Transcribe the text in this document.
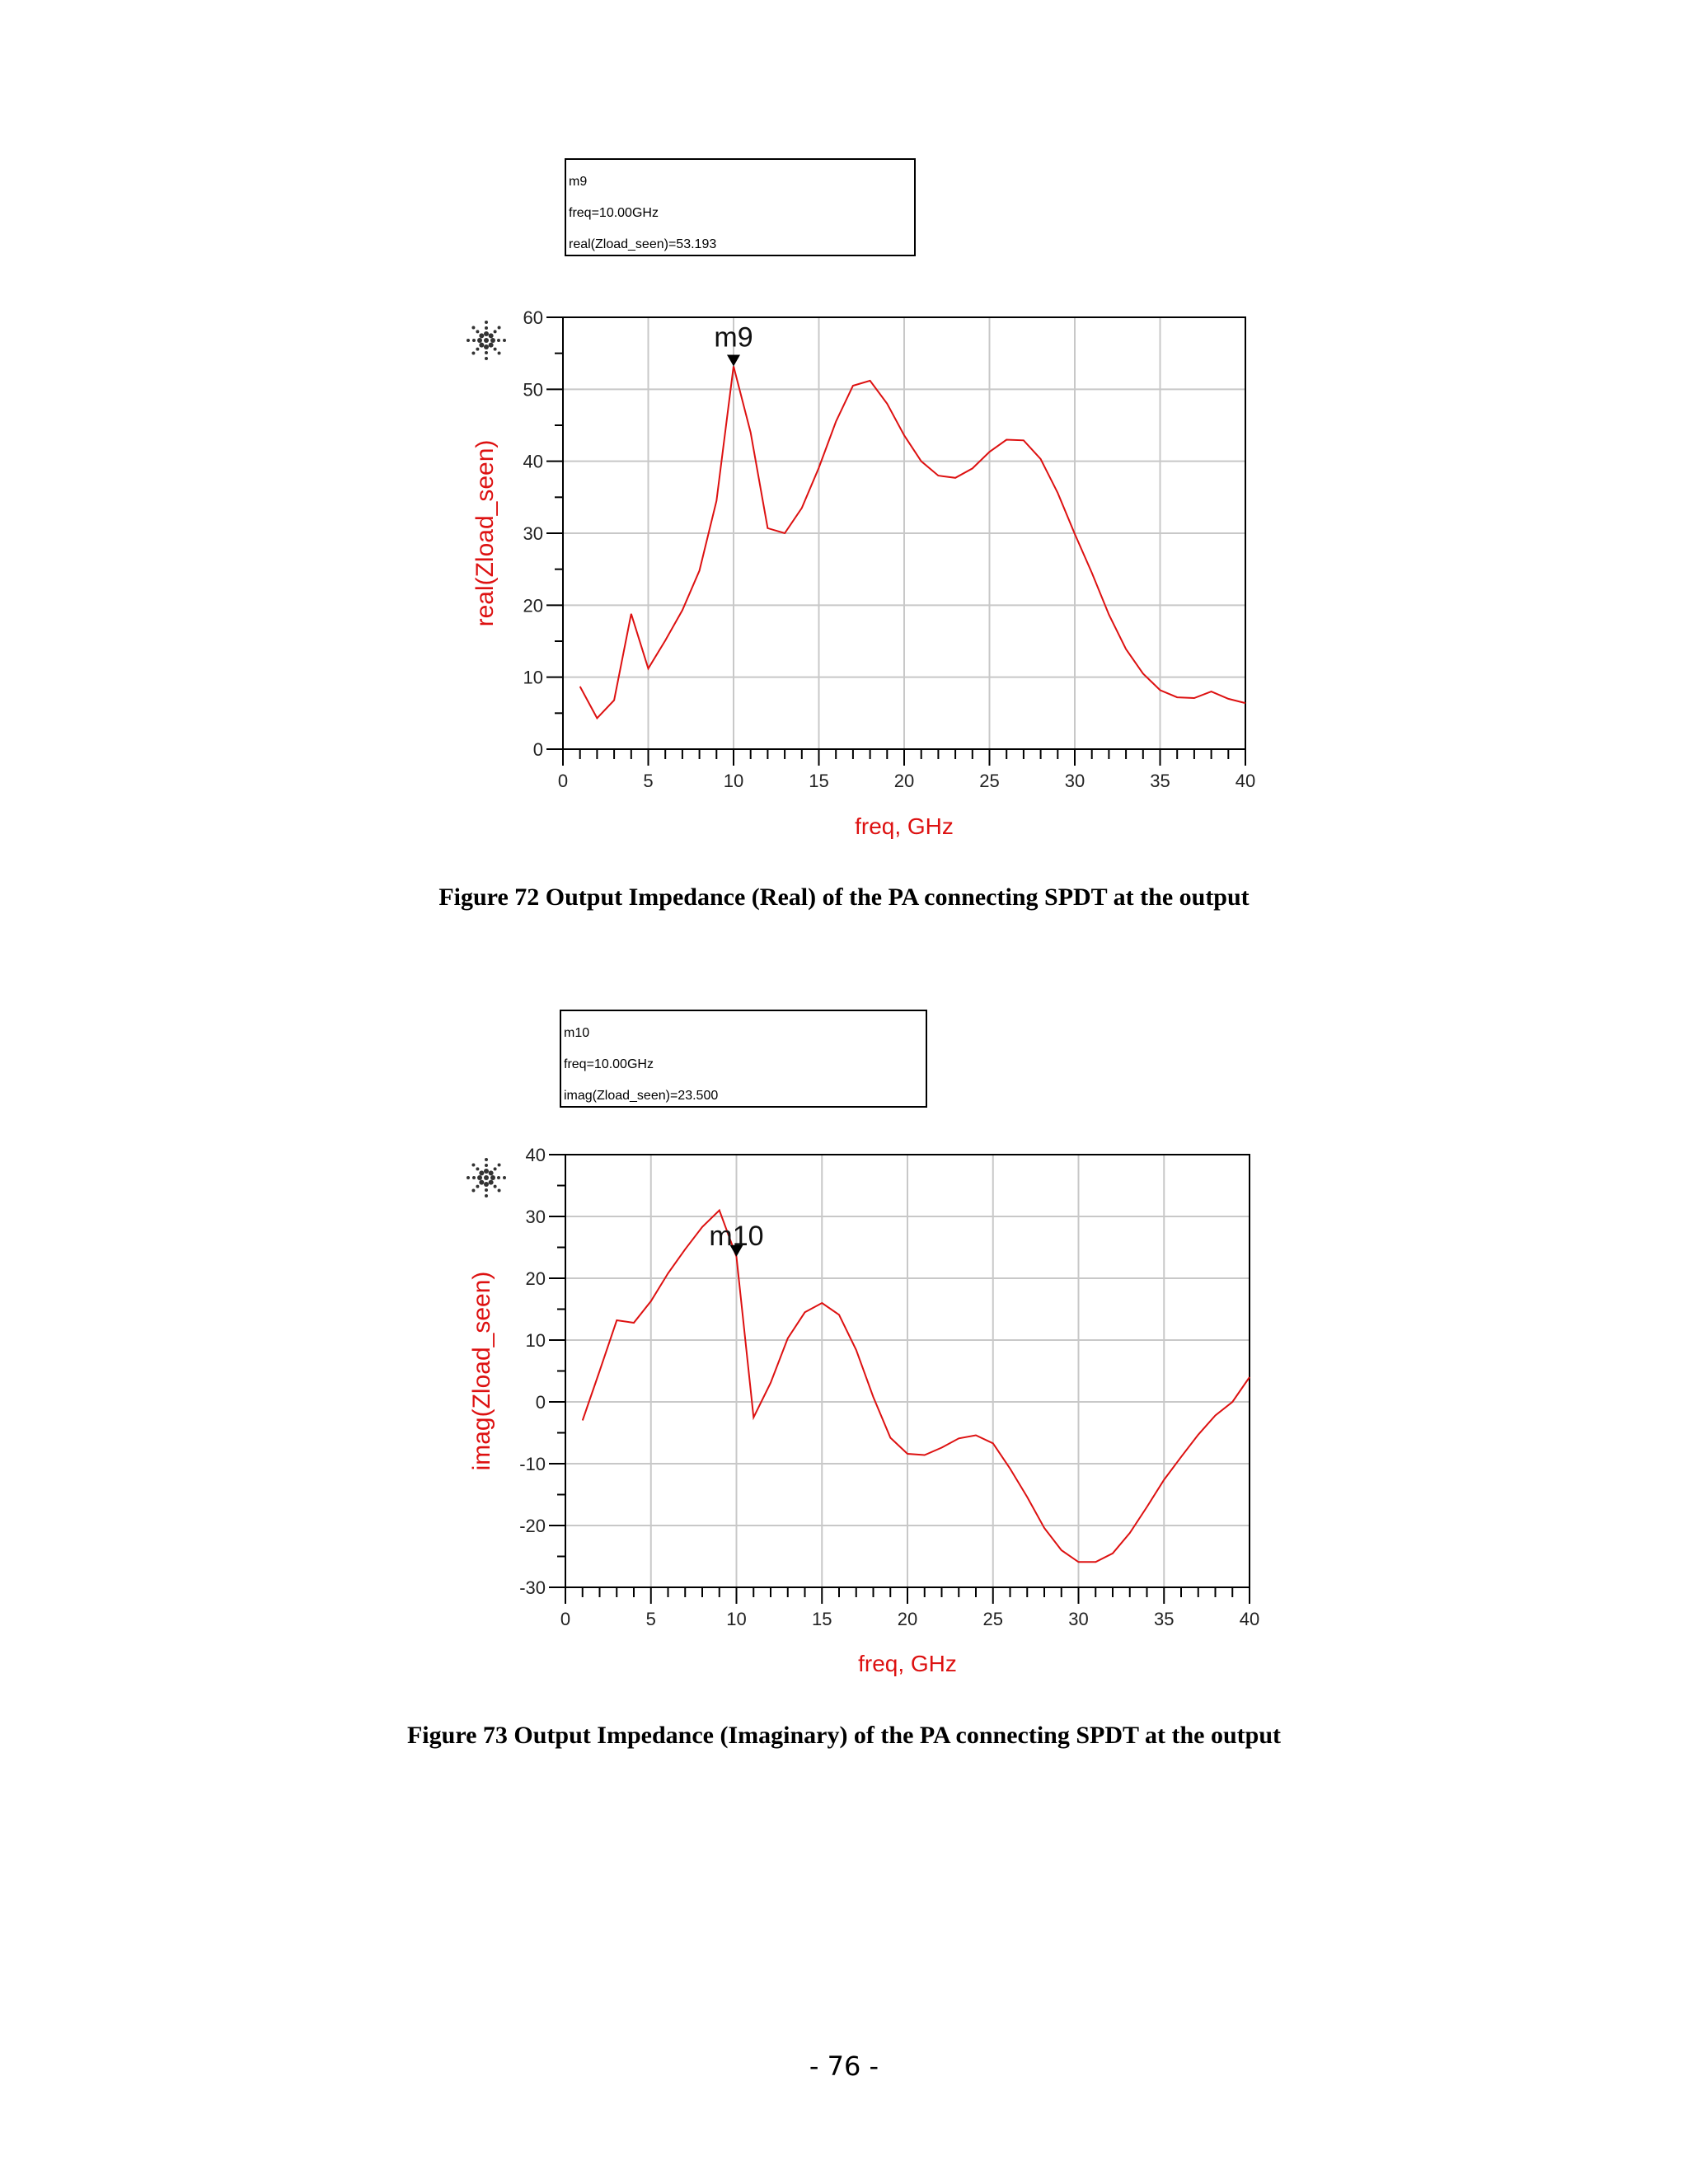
0	5	10	15	20	25	30	35	40
0
10
20
30
40
50
60
freq, GHz
real(Zload_seen)
m9
m9
freq=10.00GHz
real(Zload_seen)=53.193
Figure 72 Output Impedance (Real) of the PA connecting SPDT at the output
0	5	10	15	20	25	30	35	40
-30
-20
-10
0
10
20
30
40
freq, GHz
imag(Zload_seen)
m10
m10
freq=10.00GHz
imag(Zload_seen)=23.500
Figure 73 Output Impedance (Imaginary) of the PA connecting SPDT at the output
- 76 -
